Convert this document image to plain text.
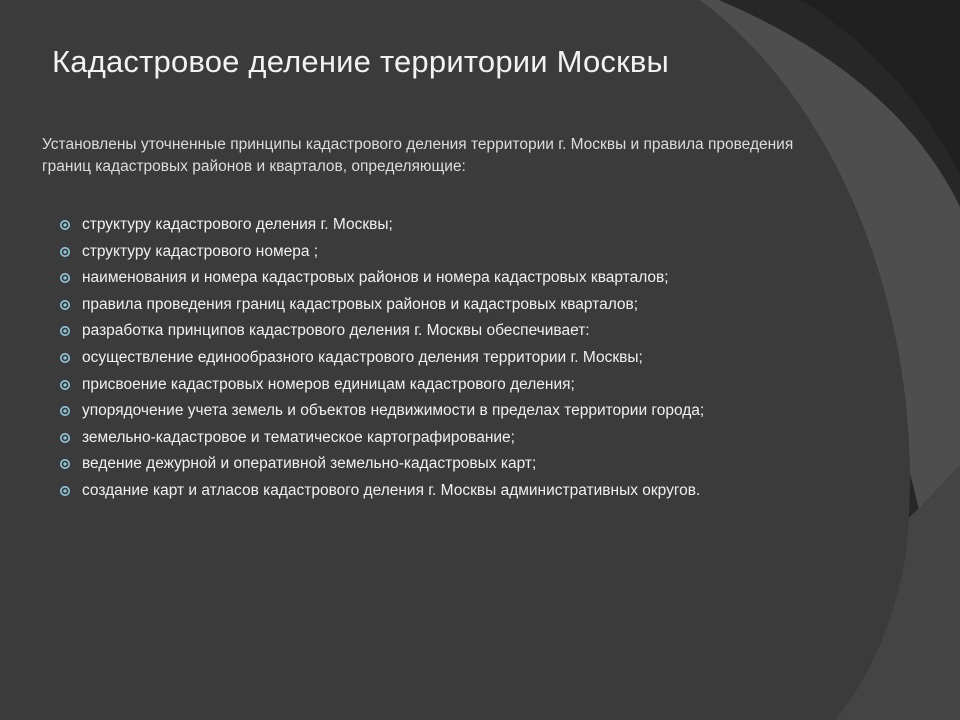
Кадастровое деление территории Москвы

Установлены уточненные принципы кадастрового деления территории г. Москвы и правила проведения границ кадастровых районов и кварталов, определяющие:

структуру кадастрового деления г. Москвы;
структуру кадастрового номера ;
наименования и номера кадастровых районов и номера кадастровых кварталов;
правила проведения границ кадастровых районов и кадастровых кварталов;
разработка принципов кадастрового деления г. Москвы обеспечивает:
осуществление единообразного кадастрового деления территории г. Москвы;
присвоение кадастровых номеров единицам кадастрового деления;
упорядочение учета земель и объектов недвижимости в пределах территории города;
земельно-кадастровое и тематическое картографирование;
ведение дежурной и оперативной земельно-кадастровых карт;
создание карт и атласов кадастрового деления г. Москвы административных округов.
